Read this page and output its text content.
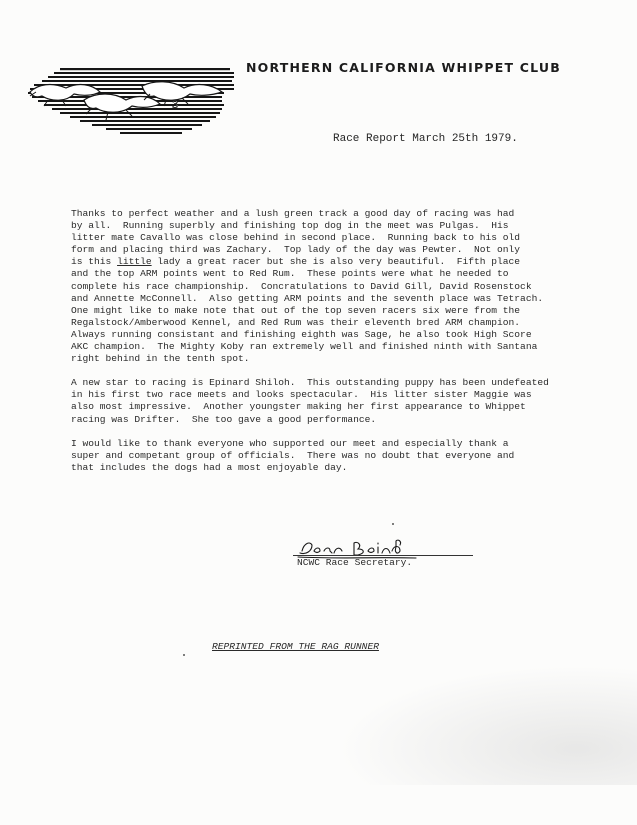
3
NORTHERN CALIFORNIA WHIPPET CLUB
Race Report March 25th 1979.

Thanks to perfect weather and a lush green track a good day of racing was had
by all.  Running superbly and finishing top dog in the meet was Pulgas.  His
litter mate Cavallo was close behind in second place.  Running back to his old
form and placing third was Zachary.  Top lady of the day was Pewter.  Not only
is this little lady a great racer but she is also very beautiful.  Fifth place
and the top ARM points went to Red Rum.  These points were what he needed to
complete his race championship.  Concratulations to David Gill, David Rosenstock
and Annette McConnell.  Also getting ARM points and the seventh place was Tetrach.
One might like to make note that out of the top seven racers six were from the
Regalstock/Amberwood Kennel, and Red Rum was their eleventh bred ARM champion.
Always running consistant and finishing eighth was Sage, he also took High Score
AKC champion.  The Mighty Koby ran extremely well and finished ninth with Santana
right behind in the tenth spot.

A new star to racing is Epinard Shiloh.  This outstanding puppy has been undefeated
in his first two race meets and looks spectacular.  His litter sister Maggie was
also most impressive.  Another youngster making her first appearance to Whippet
racing was Drifter.  She too gave a good performance.

I would like to thank everyone who supported our meet and especially thank a
super and competant group of officials.  There was no doubt that everyone and
that includes the dogs had a most enjoyable day.

NCWC Race Secretary.
REPRINTED FROM THE RAG RUNNER
